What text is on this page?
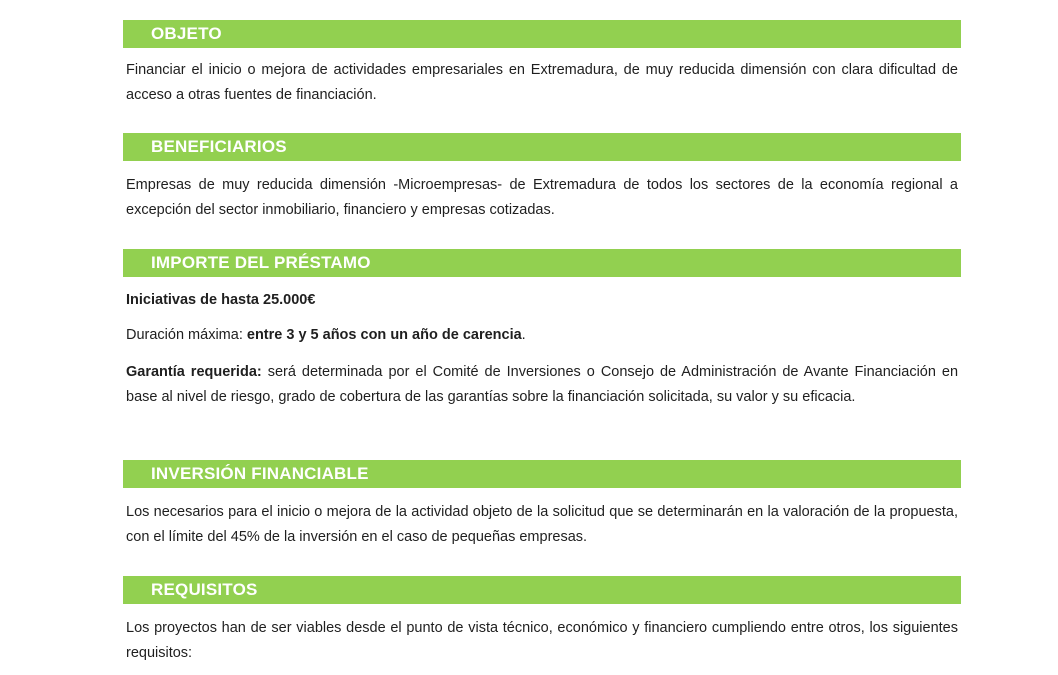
OBJETO

Financiar el inicio o mejora de actividades empresariales en Extremadura, de muy reducida dimensión con clara dificultad de acceso a otras fuentes de financiación.

BENEFICIARIOS

Empresas de muy reducida dimensión -Microempresas- de Extremadura de todos los sectores de la economía regional a excepción del sector inmobiliario, financiero y empresas cotizadas.

IMPORTE DEL PRÉSTAMO

Iniciativas de hasta 25.000€

Duración máxima: entre 3 y 5 años con un año de carencia.

Garantía requerida: será determinada por el Comité de Inversiones o Consejo de Administración de Avante Financiación en base al nivel de riesgo, grado de cobertura de las garantías sobre la financiación solicitada, su valor y su eficacia.

INVERSIÓN FINANCIABLE

Los necesarios para el inicio o mejora de la actividad objeto de la solicitud que se determinarán en la valoración de la propuesta, con el límite del 45% de la inversión en el caso de pequeñas empresas.

REQUISITOS

Los proyectos han de ser viables desde el punto de vista técnico, económico y financiero cumpliendo entre otros, los siguientes requisitos:
